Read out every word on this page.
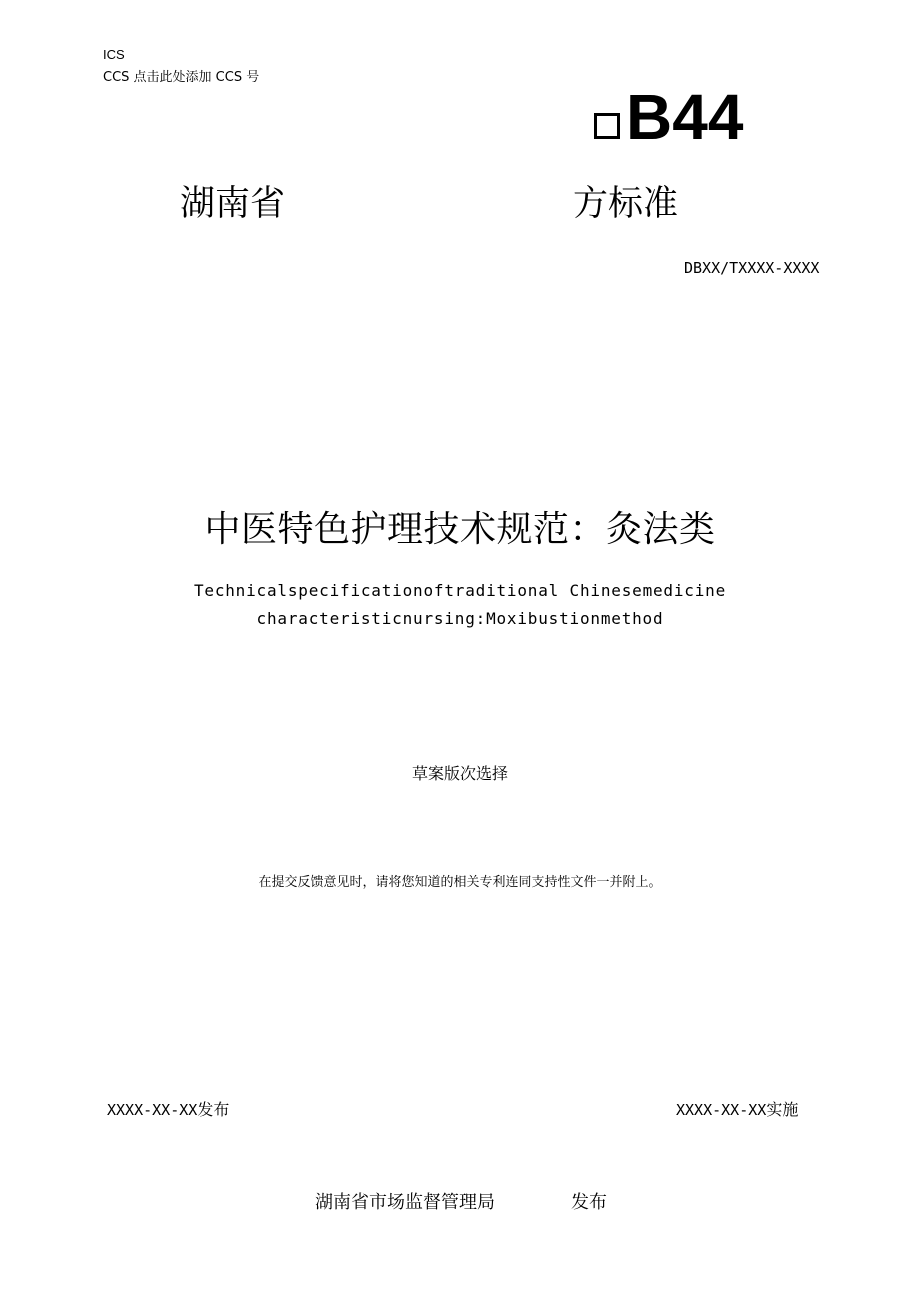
ICS
CCS 点击此处添加 CCS 号
B44
湖南省	方标准
DBXX/TXXXX-XXXX
中医特色护理技术规范：灸法类
Technicalspecificationoftraditional Chinesemedicine
characteristicnursing:Moxibustionmethod
草案版次选择
在提交反馈意见时，请将您知道的相关专利连同支持性文件一并附上。
XXXX-XX-XX发布	XXXX-XX-XX实施
湖南省市场监督管理局	发布
